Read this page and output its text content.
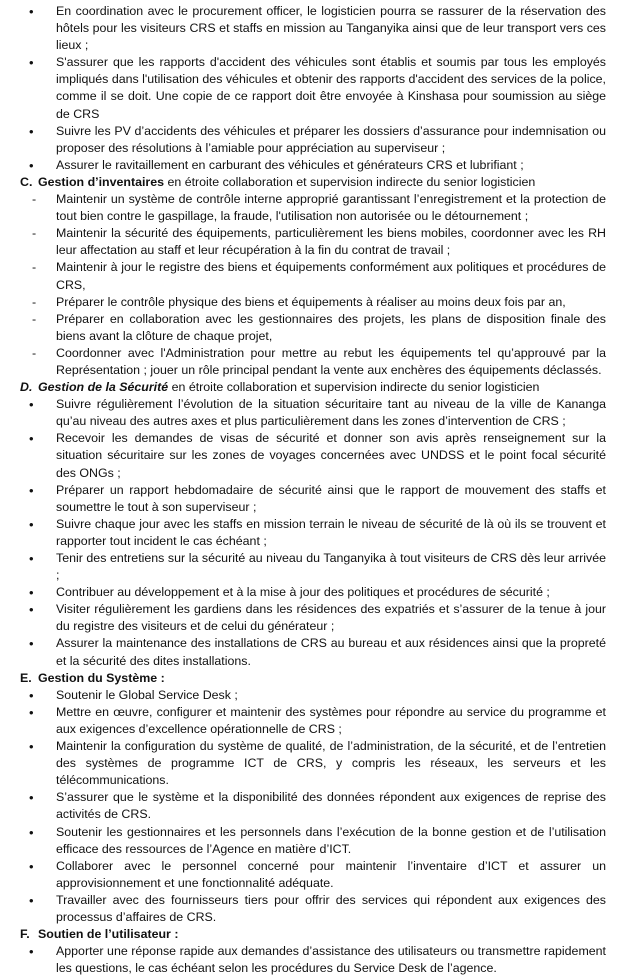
• En coordination avec le procurement officer, le logisticien pourra se rassurer de la réservation des hôtels pour les visiteurs CRS et staffs en mission au Tanganyika ainsi que de leur transport vers ces lieux ;
• S'assurer que les rapports d'accident des véhicules sont établis et soumis par tous les employés impliqués dans l'utilisation des véhicules et obtenir des rapports d'accident des services de la police, comme il se doit. Une copie de ce rapport doit être envoyée à Kinshasa pour soumission au siège de CRS
• Suivre les PV d’accidents des véhicules et préparer les dossiers d’assurance pour indemnisation ou proposer des résolutions à l’amiable pour appréciation au superviseur ;
• Assurer le ravitaillement en carburant des véhicules et générateurs CRS et lubrifiant ;
C. Gestion d’inventaires en étroite collaboration et supervision indirecte du senior logisticien
- Maintenir un système de contrôle interne approprié garantissant l’enregistrement et la protection de tout bien contre le gaspillage, la fraude, l'utilisation non autorisée ou le détournement ;
- Maintenir la sécurité des équipements, particulièrement les biens mobiles, coordonner avec les RH leur affectation au staff et leur récupération à la fin du contrat de travail ;
- Maintenir à jour le registre des biens et équipements conformément aux politiques et procédures de CRS,
- Préparer le contrôle physique des biens et équipements à réaliser au moins deux fois par an,
- Préparer en collaboration avec les gestionnaires des projets, les plans de disposition finale des biens avant la clôture de chaque projet,
- Coordonner avec l'Administration pour mettre au rebut les équipements tel qu’approuvé par la Représentation ; jouer un rôle principal pendant la vente aux enchères des équipements déclassés.
D. Gestion de la Sécurité en étroite collaboration et supervision indirecte du senior logisticien
• Suivre régulièrement l’évolution de la situation sécuritaire tant au niveau de la ville de Kananga qu’au niveau des autres axes et plus particulièrement dans les zones d’intervention de CRS ;
• Recevoir les demandes de visas de sécurité et donner son avis après renseignement sur la situation sécuritaire sur les zones de voyages concernées avec UNDSS et le point focal sécurité des ONGs ;
• Préparer un rapport hebdomadaire de sécurité ainsi que le rapport de mouvement des staffs et soumettre le tout à son superviseur ;
• Suivre chaque jour avec les staffs en mission terrain le niveau de sécurité de là où ils se trouvent et rapporter tout incident le cas échéant ;
• Tenir des entretiens sur la sécurité au niveau du Tanganyika à tout visiteurs de CRS dès leur arrivée ;
• Contribuer au développement et à la mise à jour des politiques et procédures de sécurité ;
• Visiter régulièrement les gardiens dans les résidences des expatriés et s’assurer de la tenue à jour du registre des visiteurs et de celui du générateur ;
• Assurer la maintenance des installations de CRS au bureau et aux résidences ainsi que la propreté et la sécurité des dites installations.
E. Gestion du Système :
• Soutenir le Global Service Desk ;
• Mettre en œuvre, configurer et maintenir des systèmes pour répondre au service du programme et aux exigences d’excellence opérationnelle de CRS ;
• Maintenir la configuration du système de qualité, de l’administration, de la sécurité, et de l’entretien des systèmes de programme ICT de CRS, y compris les réseaux, les serveurs et les télécommunications.
• S’assurer que le système et la disponibilité des données répondent aux exigences de reprise des activités de CRS.
• Soutenir les gestionnaires et les personnels dans l’exécution de la bonne gestion et de l’utilisation efficace des ressources de l’Agence en matière d’ICT.
• Collaborer avec le personnel concerné pour maintenir l’inventaire d’ICT et assurer un approvisionnement et une fonctionnalité adéquate.
• Travailler avec des fournisseurs tiers pour offrir des services qui répondent aux exigences des processus d’affaires de CRS.
F. Soutien de l’utilisateur :
• Apporter une réponse rapide aux demandes d’assistance des utilisateurs ou transmettre rapidement les questions, le cas échéant selon les procédures du Service Desk de l’agence.
